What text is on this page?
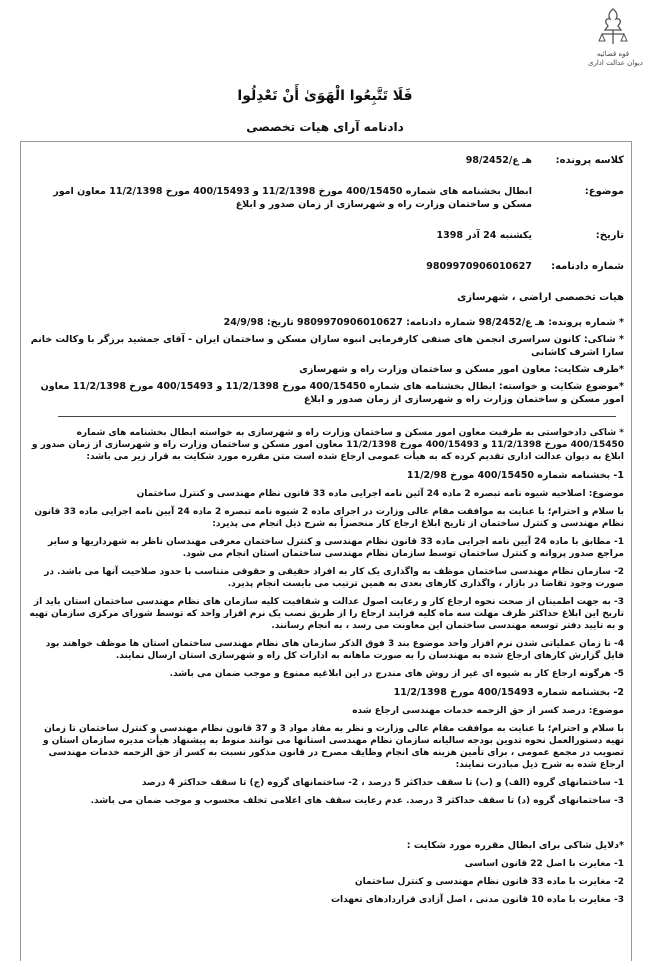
قوه قضائیه
دیوان عدالت اداری
فَلَا تَتَّبِعُوا الْهَوَىٰ أَنْ تَعْدِلُوا
دادنامه آرای هیات تخصصی
کلاسه پرونده:
هـ ع/98/2452
موضوع:
ابطال بخشنامه های شماره 400/15450 مورخ 11/2/1398 و 400/15493 مورخ 11/2/1398 معاون امور مسکن و ساختمان وزارت راه و شهرسازی از زمان صدور و ابلاغ
تاریخ:
یکشنبه 24 آذر 1398
شماره دادنامه:
9809970906010627
هیات تخصصی اراضی ، شهرسازی
* شماره پرونده: هـ ع/98/2452 شماره دادنامه: 9809970906010627 تاریخ: 24/9/98
* شاکی: کانون سراسری انجمن های صنفی کارفرمایی انبوه سازان مسکن و ساختمان ایران - آقای جمشید برزگر با وکالت خانم سارا اشرف کاشانی
*طرف شکایت: معاون امور مسکن و ساختمان وزارت راه و شهرسازی
*موضوع شکایت و خواسته: ابطال بخشنامه های شماره 400/15450 مورخ 11/2/1398 و 400/15493 مورخ 11/2/1398 معاون امور مسکن و ساختمان وزارت راه و شهرسازی از زمان صدور و ابلاغ

* شاکی دادخواستی به طرفیت معاون امور مسکن و ساختمان وزارت راه و شهرسازی به خواسته ابطال بخشنامه های شماره 400/15450 مورخ 11/2/1398 و 400/15493 مورخ 11/2/1398 معاون امور مسکن و ساختمان وزارت راه و شهرسازی از زمان صدور و ابلاغ به دیوان عدالت اداری تقدیم کرده که به هیأت عمومی ارجاع شده است متن مقرره مورد شکایت به قرار زیر می باشد:

1- بخشنامه شماره 400/15450 مورخ 11/2/98

موضوع: اصلاحیه شیوه نامه تبصره 2 ماده 24 آئین نامه اجرایی ماده 33 قانون نظام مهندسی و کنترل ساختمان

با سلام و احترام؛ با عنایت به موافقت مقام عالی وزارت در اجرای ماده 2 شیوه نامه تبصره 2 ماده 24 آیین نامه اجرایی ماده 33 قانون نظام مهندسی و کنترل ساختمان از تاریخ ابلاغ ارجاع کار منحصراً به شرح ذیل انجام می پذیرد:

1- مطابق با ماده 24 آیین نامه اجرایی ماده 33 قانون نظام مهندسی و کنترل ساختمان معرفی مهندسان ناظر به شهرداریها و سایر مراجع صدور پروانه و کنترل ساختمان توسط سازمان نظام مهندسی ساختمان استان انجام می شود.

2- سازمان نظام مهندسی ساختمان موظف به واگذاری یک کار به افراد حقیقی و حقوقی متناسب با حدود صلاحیت آنها می باشد. در صورت وجود تقاضا در بازار ، واگذاری کارهای بعدی به همین ترتیب می بایست انجام پذیرد.

3- به جهت اطمینان از صحت نحوه ارجاع کار و رعایت اصول عدالت و شفافیت کلیه سازمان های نظام مهندسی ساختمان استان باید از تاریخ این ابلاغ حداکثر ظرف مهلت سه ماه کلیه فرایند ارجاع را از طریق نصب یک نرم افزار واحد که توسط شورای مرکزی سازمان تهیه و به تایید دفتر توسعه مهندسی ساختمان این معاونت می رسد ، به انجام رسانند.

4- تا زمان عملیاتی شدن نرم افزار واحد موضوع بند 3 فوق الذکر سازمان های نظام مهندسی ساختمان استان ها موظف خواهند بود فایل گزارش کارهای ارجاع شده به مهندسان را به صورت ماهانه به ادارات کل راه و شهرسازی استان ارسال نمایند.

5- هرگونه ارجاع کار به شیوه ای غیر از روش های مندرج در این ابلاغیه ممنوع و موجب ضمان می باشد.

2- بخشنامه شماره 400/15493 مورخ 11/2/1398

موضوع: درصد کسر از حق الزحمه خدمات مهندسی ارجاع شده

با سلام و احترام؛ با عنایت به موافقت مقام عالی وزارت و نظر به مفاد مواد 3 و 37 قانون نظام مهندسی و کنترل ساختمان تا زمان تهیه دستورالعمل نحوه تدوین بودجه سالیانه سازمان نظام مهندسی استانها می توانند منوط به پیشنهاد هیأت مدیره سازمان استان و تصویب در مجمع عمومی ، برای تأمین هزینه های انجام وظایف مصرح در قانون مذکور نسبت به کسر از حق الزحمه خدمات مهندسی ارجاع شده به شرح ذیل مبادرت نمایند:

1- ساختمانهای گروه (الف) و (ب) تا سقف حداکثر 5 درصد ، 2- ساختمانهای گروه (ج) تا سقف حداکثر 4 درصد

3- ساختمانهای گروه (د) تا سقف حداکثر 3 درصد. عدم رعایت سقف های اعلامی تخلف محسوب و موجب ضمان می باشد.

*دلایل شاکی برای ابطال مقرره مورد شکایت :

1- مغایرت با اصل 22 قانون اساسی

2- مغایرت با ماده 33 قانون نظام مهندسی و کنترل ساختمان

3- مغایرت با ماده 10 قانون مدنی ، اصل آزادی قراردادهای تعهدات
